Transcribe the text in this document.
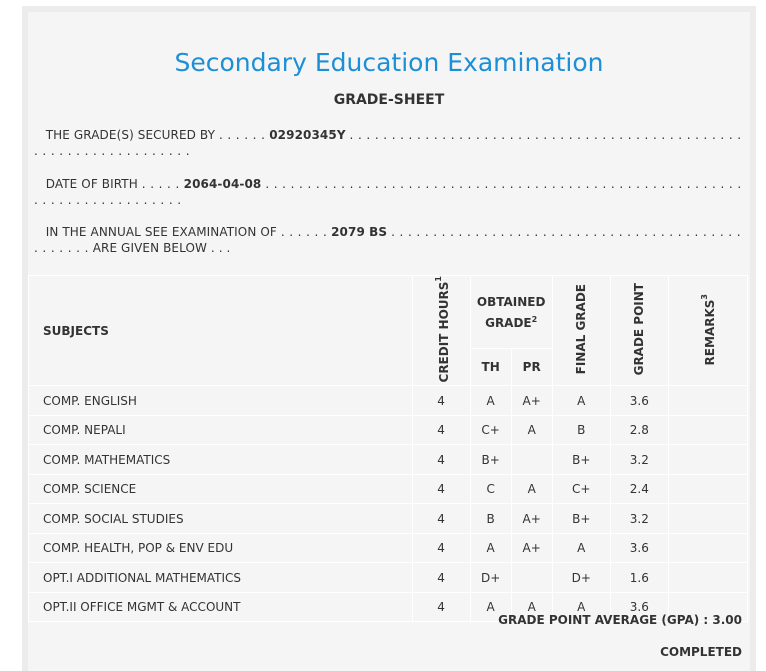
Secondary Education Examination
GRADE-SHEET
THE GRADE(S) SECURED BY . . . . . . 02920345Y . . . . . . . . . . . . . . . . . . . . . . . . . . . . . . . . . . . . . . . . . . . . . . . . . . . . . . . . . . . . . . . . . .
DATE OF BIRTH . . . . . 2064-04-08 . . . . . . . . . . . . . . . . . . . . . . . . . . . . . . . . . . . . . . . . . . . . . . . . . . . . . . . . . . . . . . . . . . . . . . . . . . .
IN THE ANNUAL SEE EXAMINATION OF . . . . . . 2079 BS . . . . . . . . . . . . . . . . . . . . . . . . . . . . . . . . . . . . . . . . . . . . . . . . . ARE GIVEN BELOW . . .
SUBJECTS	CREDIT HOURS$^1$	OBTAINED GRADE$^2$		FINAL GRADE	GRADE POINT	REMARKS$^3$
		TH	PR			
COMP. ENGLISH	4	A	A+	A	3.6	
COMP. NEPALI	4	C+	A	B	2.8	
COMP. MATHEMATICS	4	B+		B+	3.2	
COMP. SCIENCE	4	C	A	C+	2.4	
COMP. SOCIAL STUDIES	4	B	A+	B+	3.2	
COMP. HEALTH, POP & ENV EDU	4	A	A+	A	3.6	
OPT.I ADDITIONAL MATHEMATICS	4	D+		D+	1.6	
OPT.II OFFICE MGMT & ACCOUNT	4	A	A	A	3.6	
GRADE POINT AVERAGE (GPA) : 3.00
COMPLETED
